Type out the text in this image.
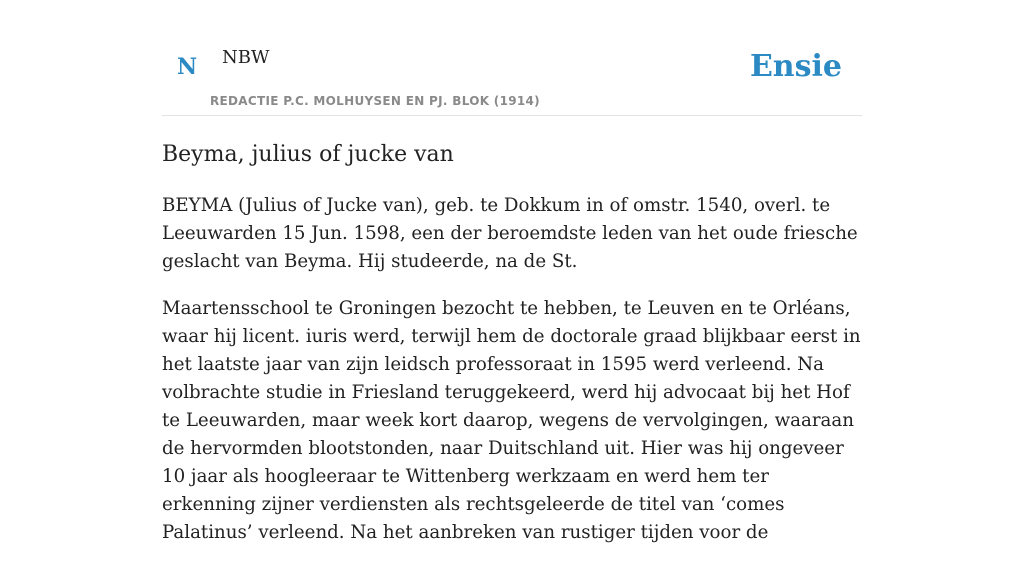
N NBW
REDACTIE P.C. MOLHUYSEN EN PJ. BLOK (1914)
Ensie
Beyma, julius of jucke van

BEYMA (Julius of Jucke van), geb. te Dokkum in of omstr. 1540, overl. te Leeuwarden 15 Jun. 1598, een der beroemdste leden van het oude friesche geslacht van Beyma. Hij studeerde, na de St.

Maartensschool te Groningen bezocht te hebben, te Leuven en te Orléans, waar hij licent. iuris werd, terwijl hem de doctorale graad blijkbaar eerst in het laatste jaar van zijn leidsch professoraat in 1595 werd verleend. Na volbrachte studie in Friesland teruggekeerd, werd hij advocaat bij het Hof te Leeuwarden, maar week kort daarop, wegens de vervolgingen, waaraan de hervormden blootstonden, naar Duitschland uit. Hier was hij ongeveer 10 jaar als hoogleeraar te Wittenberg werkzaam en werd hem ter erkenning zijner verdiensten als rechtsgeleerde de titel van ‘comes Palatinus’ verleend. Na het aanbreken van rustiger tijden voor de
